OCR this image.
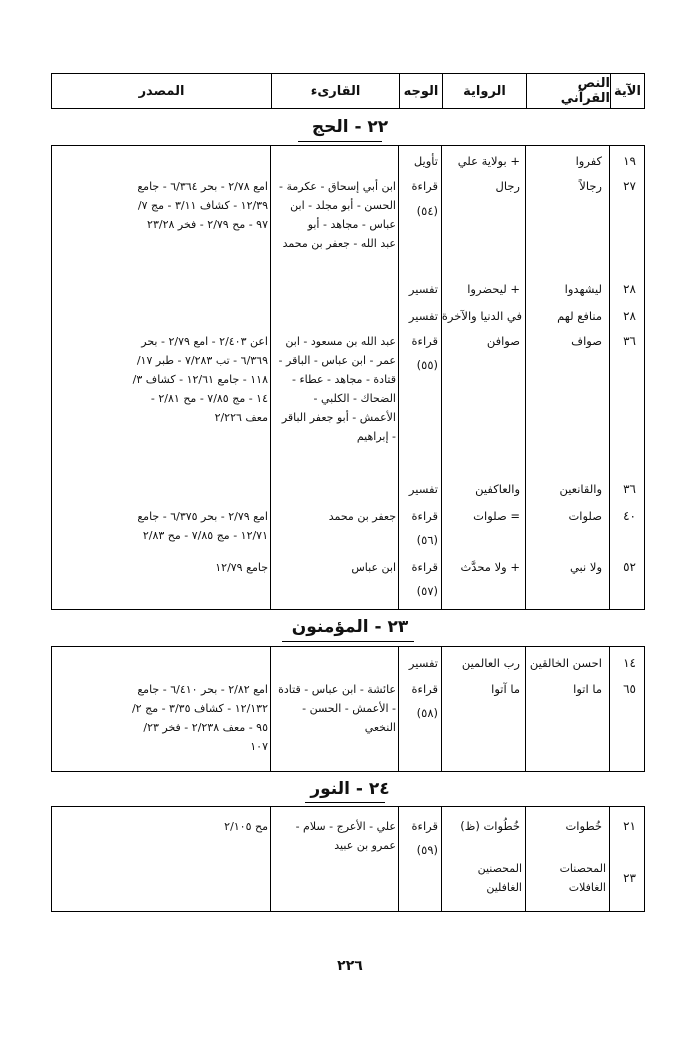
الآية
النص القرآني
الرواية
الوجه
القارىء
المصدر
٢٢ - الحج
١٩
كفروا
+ بولاية علي
تأويل
٢٧
رجالاً
رجال
قراءة
(٥٤)
ابن أبي إسحاق - عكرمة -
الحسن - أبو مجلد - ابن
عباس - مجاهد - أبو
عبد الله - جعفر بن محمد
امع ٢/٧٨ - بحر ٦/٣٦٤ - جامع
١٢/٣٩ - كشاف ٣/١١ - مج ٧/
٩٧ - مح ٢/٧٩ - فخر ٢٣/٢٨
٢٨
ليشهدوا
+ ليحضروا
تفسير
٢٨
منافع لهم
في الدنيا والآخرة
تفسير
٣٦
صواف
صوافن
قراءة
(٥٥)
عبد الله بن مسعود - ابن
عمر - ابن عباس - الباقر -
قتادة - مجاهد - عطاء -
الضحاك - الكلبي -
الأعمش - أبو جعفر الباقر
- إبراهيم
اعن ٢/٤٠٣ - امع ٢/٧٩ - بحر
٦/٣٦٩ - تب ٧/٢٨٣ - طبر ١٧/
١١٨ - جامع ١٢/٦١ - كشاف ٣/
١٤ - مج ٧/٨٥ - مح ٢/٨١ -
معف ٢/٢٢٦
٣٦
والقانعين
والعاكفين
تفسير
٤٠
صلوات
= صلوات
قراءة
(٥٦)
جعفر بن محمد
امع ٢/٧٩ - بحر ٦/٣٧٥ - جامع
١٢/٧١ - مج ٧/٨٥ - مح ٢/٨٣
٥٢
ولا نبي
+ ولا محدَّث
قراءة
(٥٧)
ابن عباس
جامع ١٢/٧٩
٢٣ - المؤمنون
١٤
احسن الخالقين
رب العالمين
تفسير
٦٥
ما اتوا
ما آتوا
قراءة
(٥٨)
عائشة - ابن عباس - قتادة
- الأعمش - الحسن -
النخعي
امع ٢/٨٢ - بحر ٦/٤١٠ - جامع
١٢/١٣٢ - كشاف ٣/٣٥ - مج ٢/
٩٥ - معف ٢/٢٣٨ - فخر ٢٣/
١٠٧
٢٤ - النور
٢١
خُطوات
خُطُوات (ظ)
قراءة
(٥٩)
علي - الأعرج - سلام -
عمرو بن عبيد
مح ٢/١٠٥
٢٣
المحصنات الغافلات
المحصنين الغافلين
٢٢٦
